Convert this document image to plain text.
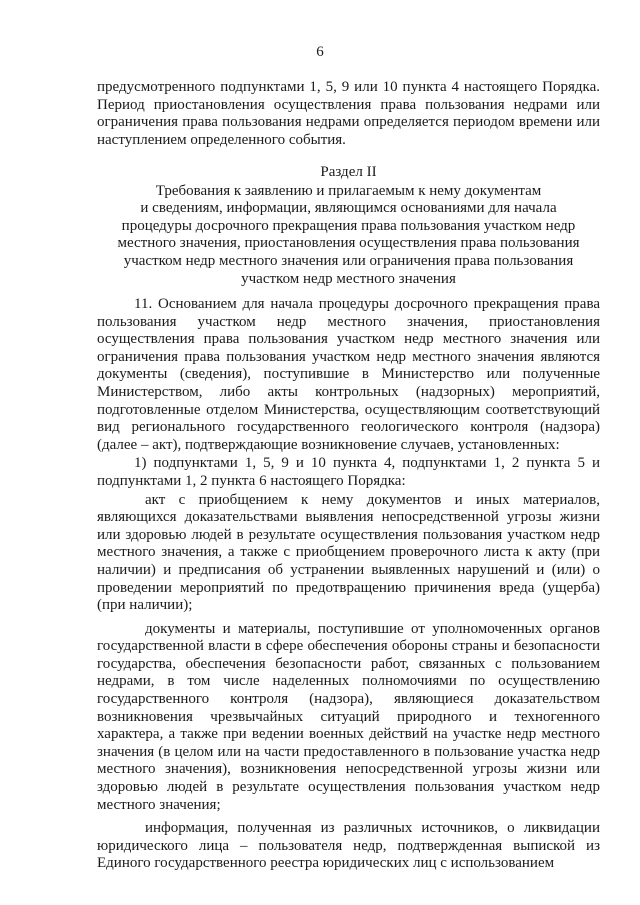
6

предусмотренного подпунктами 1, 5, 9 или 10 пункта 4 настоящего Порядка. Период приостановления осуществления права пользования недрами или ограничения права пользования недрами определяется периодом времени или наступлением определенного события.

Раздел II
Требования к заявлению и прилагаемым к нему документам
и сведениям, информации, являющимся основаниями для начала
процедуры досрочного прекращения права пользования участком недр
местного значения, приостановления осуществления права пользования
участком недр местного значения или ограничения права пользования
участком недр местного значения

11. Основанием для начала процедуры досрочного прекращения права пользования участком недр местного значения, приостановления осуществления права пользования участком недр местного значения или ограничения права пользования участком недр местного значения являются документы (сведения), поступившие в Министерство или полученные Министерством, либо акты контрольных (надзорных) мероприятий, подготовленные отделом Министерства, осуществляющим соответствующий вид регионального государственного геологического контроля (надзора) (далее – акт), подтверждающие возникновение случаев, установленных:

1) подпунктами 1, 5, 9 и 10 пункта 4, подпунктами 1, 2 пункта 5 и подпунктами 1, 2 пункта 6 настоящего Порядка:

акт с приобщением к нему документов и иных материалов, являющихся доказательствами выявления непосредственной угрозы жизни или здоровью людей в результате осуществления пользования участком недр местного значения, а также с приобщением проверочного листа к акту (при наличии) и предписания об устранении выявленных нарушений и (или) о проведении мероприятий по предотвращению причинения вреда (ущерба) (при наличии);

документы и материалы, поступившие от уполномоченных органов государственной власти в сфере обеспечения обороны страны и безопасности государства, обеспечения безопасности работ, связанных с пользованием недрами, в том числе наделенных полномочиями по осуществлению государственного контроля (надзора), являющиеся доказательством возникновения чрезвычайных ситуаций природного и техногенного характера, а также при ведении военных действий на участке недр местного значения (в целом или на части предоставленного в пользование участка недр местного значения), возникновения непосредственной угрозы жизни или здоровью людей в результате осуществления пользования участком недр местного значения;

информация, полученная из различных источников, о ликвидации юридического лица – пользователя недр, подтвержденная выпиской из Единого государственного реестра юридических лиц с использованием
